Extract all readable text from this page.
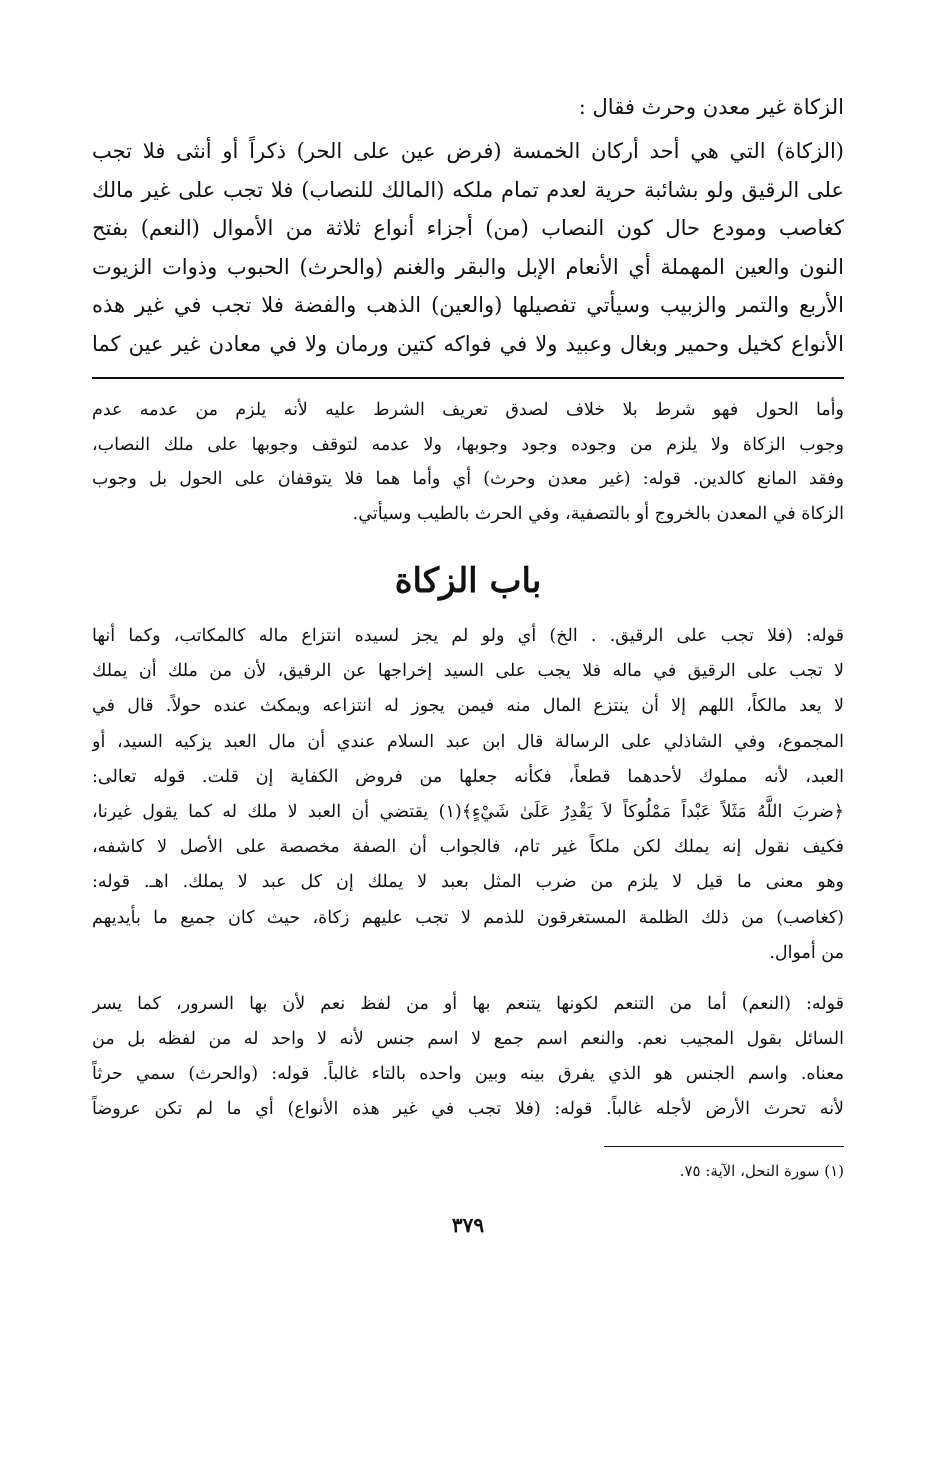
الزكاة غير معدن وحرث فقال :
(الزكاة) التي هي أحد أركان الخمسة (فرض عين على الحر) ذكراً أو أنثى فلا تجب
على الرقيق ولو بشائبة حرية لعدم تمام ملكه (المالك للنصاب) فلا تجب على غير مالك
كغاصب ومودع حال كون النصاب (من) أجزاء أنواع ثلاثة من الأموال (النعم) بفتح
النون والعين المهملة أي الأنعام الإبل والبقر والغنم (والحرث) الحبوب وذوات الزيوت
الأربع والتمر والزبيب وسيأتي تفصيلها (والعين) الذهب والفضة فلا تجب في غير هذه
الأنواع كخيل وحمير وبغال وعبيد ولا في فواكه كتين ورمان ولا في معادن غير عين كما
وأما الحول فهو شرط بلا خلاف لصدق تعريف الشرط عليه لأنه يلزم من عدمه عدم
وجوب الزكاة ولا يلزم من وجوده وجود وجوبها، ولا عدمه لتوقف وجوبها على ملك النصاب،
وفقد المانع كالدين. قوله: (غير معدن وحرث) أي وأما هما فلا يتوقفان على الحول بل وجوب
الزكاة في المعدن بالخروج أو بالتصفية، وفي الحرث بالطيب وسيأتي.
باب الزكاة
قوله: (فلا تجب على الرقيق. . الخ) أي ولو لم يجز لسيده انتزاع ماله كالمكاتب، وكما أنها
لا تجب على الرقيق في ماله فلا يجب على السيد إخراجها عن الرقيق، لأن من ملك أن يملك
لا يعد مالكاً، اللهم إلا أن ينتزع المال منه فيمن يجوز له انتزاعه ويمكث عنده حولاً. قال في
المجموع، وفي الشاذلي على الرسالة قال ابن عبد السلام عندي أن مال العبد يزكيه السيد، أو
العبد، لأنه مملوك لأحدهما قطعاً، فكأنه جعلها من فروض الكفاية إن قلت. قوله تعالى:
﴿ضربَ اللَّهُ مَثَلاً عَبْداً مَمْلُوكاً لاَ يَقْدِرُ عَلَىٰ شَيْءٍ﴾(١) يقتضي أن العبد لا ملك له كما يقول غيرنا،
فكيف نقول إنه يملك لكن ملكاً غير تام، فالجواب أن الصفة مخصصة على الأصل لا كاشفه،
وهو معنى ما قيل لا يلزم من ضرب المثل بعبد لا يملك إن كل عبد لا يملك. اهـ. قوله:
(كغاصب) من ذلك الظلمة المستغرقون للذمم لا تجب عليهم زكاة، حيث كان جميع ما بأيديهم
من أموال.
قوله: (النعم) أما من التنعم لكونها يتنعم بها أو من لفظ نعم لأن بها السرور، كما يسر
السائل بقول المجيب نعم. والنعم اسم جمع لا اسم جنس لأنه لا واحد له من لفظه بل من
معناه. واسم الجنس هو الذي يفرق بينه وبين واحده بالتاء غالباً. قوله: (والحرث) سمي حرثاً
لأنه تحرث الأرض لأجله غالباً. قوله: (فلا تجب في غير هذه الأنواع) أي ما لم تكن عروضاً
(١) سورة النحل، الآية: ٧٥.
٣٧٩
